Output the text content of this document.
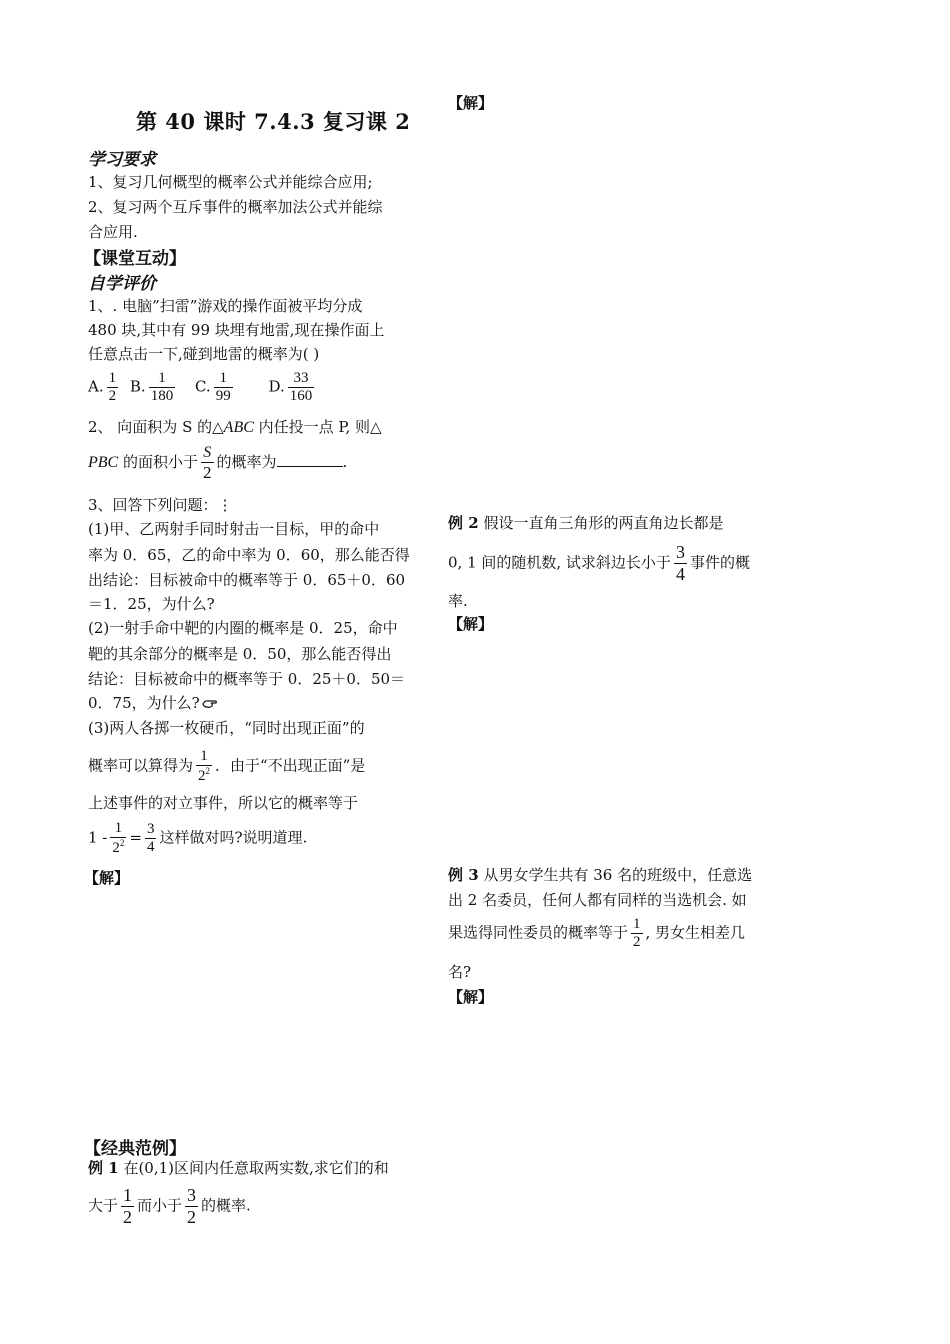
第 40 课时 7.4.3 复习课 2
学习要求
1、复习几何概型的概率公式并能综合应用;
2、复习两个互斥事件的概率加法公式并能综
合应用.
【课堂互动】
自学评价
1、. 电脑”扫雷”游戏的操作面被平均分成
480 块,其中有 99 块埋有地雷,现在操作面上
任意点击一下,碰到地雷的概率为( )
A. $\frac{1}{2} B$. $\frac{1}{180} C$. $\frac{1}{99} D$. $\frac{33}{160}$
2、 向面积为 S 的△ABC 内任投一点 P, 则△
PBC 的面积小于 $\frac{S}{2}$ 的概率为	.
3、回答下列问题：⋮
(1)甲、乙两射手同时射击一目标，甲的命中
率为 0．65，乙的命中率为 0．60，那么能否得
出结论：目标被命中的概率等于 0．65＋0．60
＝1．25，为什么?
(2)一射手命中靶的内圈的概率是 0．25，命中
靶的其余部分的概率是 0．50，那么能否得出
结论：目标被命中的概率等于 0．25＋0．50＝
0．75，为什么?
(3)两人各掷一枚硬币，“同时出现正面”的
概率可以算得为 $\frac{1}{2^2}$ ．由于“不出现正面”是
上述事件的对立事件，所以它的概率等于
$1 - \frac{1}{2^2} = \frac{3}{4}$ 这样做对吗?说明道理.
【解】
【经典范例】
例 1 在(0,1)区间内任意取两实数,求它们的和
大于 $\frac{1}{2}$ 而小于 $\frac{3}{2}$ 的概率.
【解】
例 2 假设一直角三角形的两直角边长都是
0, 1 间的随机数, 试求斜边长小于 $\frac{3}{4}$ 事件的概
率.
【解】
例 3 从男女学生共有 36 名的班级中，任意选
出 2 名委员，任何人都有同样的当选机会. 如
果选得同性委员的概率等于 $\frac{1}{2}$ , 男女生相差几
名?
【解】
